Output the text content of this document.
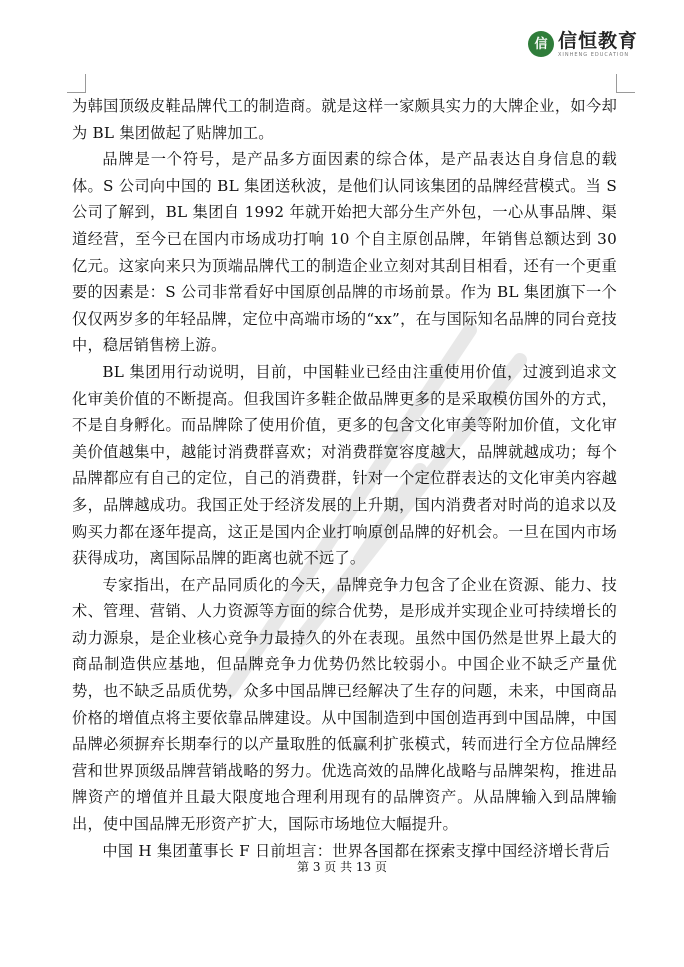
信 信恒教育
XINHENG EDUCATION

为韩国顶级皮鞋品牌代工的制造商。就是这样一家颇具实力的大牌企业，如今却为 BL 集团做起了贴牌加工。

品牌是一个符号，是产品多方面因素的综合体，是产品表达自身信息的载体。S 公司向中国的 BL 集团送秋波，是他们认同该集团的品牌经营模式。当 S 公司了解到，BL 集团自 1992 年就开始把大部分生产外包，一心从事品牌、渠道经营，至今已在国内市场成功打响 10 个自主原创品牌，年销售总额达到 30 亿元。这家向来只为顶端品牌代工的制造企业立刻对其刮目相看，还有一个更重要的因素是：S 公司非常看好中国原创品牌的市场前景。作为 BL 集团旗下一个仅仅两岁多的年轻品牌，定位中高端市场的“xx”，在与国际知名品牌的同台竞技中，稳居销售榜上游。

BL 集团用行动说明，目前，中国鞋业已经由注重使用价值，过渡到追求文化审美价值的不断提高。但我国许多鞋企做品牌更多的是采取模仿国外的方式，不是自身孵化。而品牌除了使用价值，更多的包含文化审美等附加价值，文化审美价值越集中，越能讨消费群喜欢；对消费群宽容度越大，品牌就越成功；每个品牌都应有自己的定位，自己的消费群，针对一个定位群表达的文化审美内容越多，品牌越成功。我国正处于经济发展的上升期，国内消费者对时尚的追求以及购买力都在逐年提高，这正是国内企业打响原创品牌的好机会。一旦在国内市场获得成功，离国际品牌的距离也就不远了。

专家指出，在产品同质化的今天，品牌竞争力包含了企业在资源、能力、技术、管理、营销、人力资源等方面的综合优势，是形成并实现企业可持续增长的动力源泉，是企业核心竞争力最持久的外在表现。虽然中国仍然是世界上最大的商品制造供应基地，但品牌竞争力优势仍然比较弱小。中国企业不缺乏产量优势，也不缺乏品质优势，众多中国品牌已经解决了生存的问题，未来，中国商品价格的增值点将主要依靠品牌建设。从中国制造到中国创造再到中国品牌，中国品牌必须摒弃长期奉行的以产量取胜的低赢利扩张模式，转而进行全方位品牌经营和世界顶级品牌营销战略的努力。优选高效的品牌化战略与品牌架构，推进品牌资产的增值并且最大限度地合理利用现有的品牌资产。从品牌输入到品牌输出，使中国品牌无形资产扩大，国际市场地位大幅提升。

中国 H 集团董事长 F 日前坦言：世界各国都在探索支撑中国经济增长背后

第 3 页 共 13 页
